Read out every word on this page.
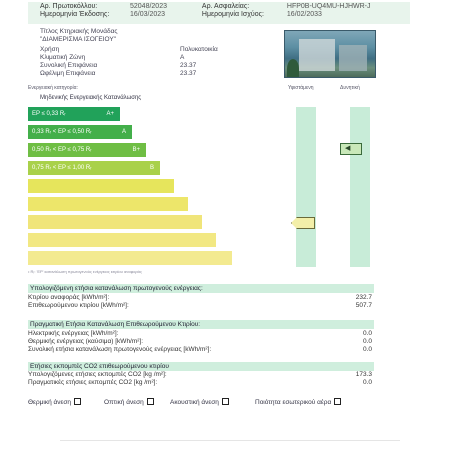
Αρ. Πρωτοκόλλου:	52048/2023	Αρ. Ασφαλείας:	HFP0B-UQ4MU-HJHWR-J
Ημερομηνία Έκδοσης:	16/03/2023	Ημερομηνία Ισχύος:	16/02/2033
Τίτλος Κτηριακής Μονάδας
"ΔΙΑΜΕΡΙΣΜΑ ΙΣΟΓΕΙΟΥ"
Χρήση	Πολυκατοικία
Κλιματική Ζώνη	Α
Συνολική Επιφάνεια	23.37
Ωφέλιμη Επιφάνεια	23.37
Ενεργειακή κατηγορία:	Υφιστάμενη	Δυνητική
Μηδενικής Ενεργειακής Κατανάλωσης
EP ≤ 0,33 Rᵣ	A+
0,33 Rᵣ < EP ≤ 0,50 Rᵣ	A
0,50 Rᵣ < EP ≤ 0,75 Rᵣ	B+
0,75 Rᵣ < EP ≤ 1,00 Rᵣ	B
◀
• Rᵣ: 'ΕP' κατανάλωση πρωτογενούς ενέργειας κτιρίου αναφοράς
Υπολογιζόμενη ετήσια κατανάλωση πρωτογενούς ενέργειας:
Κτιρίου αναφοράς [kWh/m²]:	232.7
Επιθεωρούμενου κτιρίου [kWh/m²]:	507.7
Πραγματική Ετήσια Κατανάλωση Επιθεωρούμενου Κτιρίου:
Ηλεκτρικής ενέργειας [kWh/m²]:	0.0
Θερμικής ενέργειας (καύσιμα) [kWh/m²]:	0.0
Συνολική ετήσια κατανάλωση πρωτογενούς ενέργειας [kWh/m²]:	0.0
Ετήσιες εκπομπές CO2 επιθεωρούμενου κτιρίου
Υπολογιζόμενες ετήσιες εκπομπές CO2 [kg /m²]:	173.3
Πραγματικές ετήσιες εκπομπές CO2 [kg /m²]:	0.0
Θερμική άνεση	Οπτική άνεση	Ακουστική άνεση	Ποιότητα εσωτερικού αέρα
